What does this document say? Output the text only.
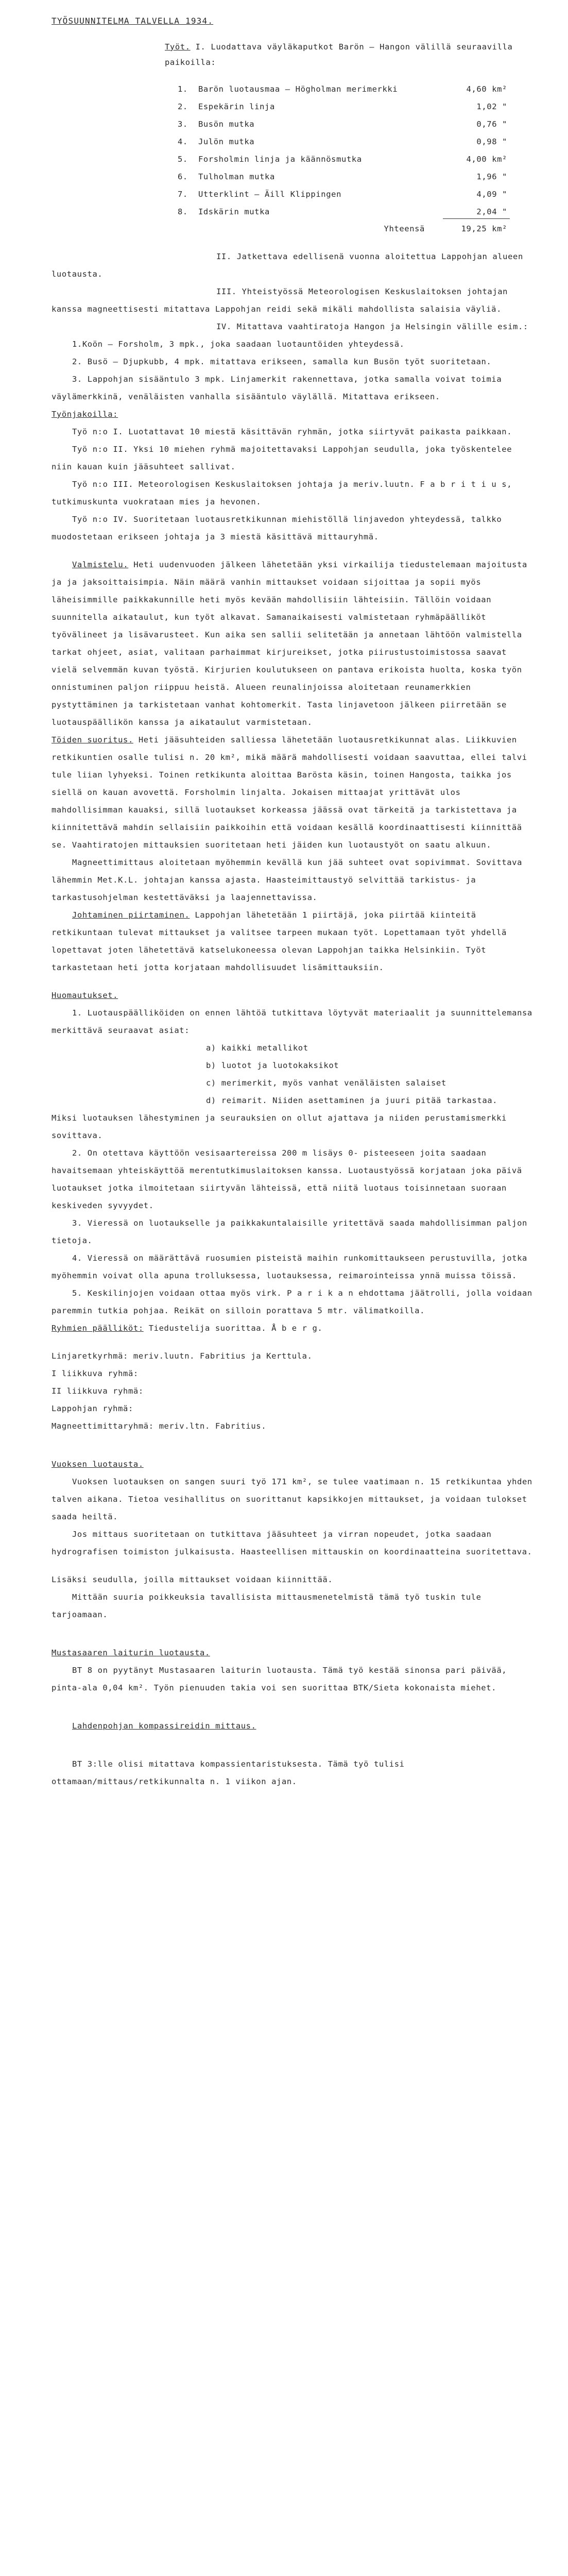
TYÖSUUNNITELMA TALVELLA 1934.

Työt. I. Luodattava väyläkaputkot Barön – Hangon välillä seuraavilla paikoilla:

1. Barön luotausmaa – Högholman merimerkki	4,60 km²
2. Espekärin linja	1,02 "
3. Busön mutka	0,76 "
4. Julön mutka	0,98 "
5. Forsholmin linja ja käännösmutka	4,00 km²
6. Tulholman mutka	1,96 "
7. Utterklint – Äill Klippingen	4,09 "
8. Idskärin mutka	2,04 "
Yhteensä	19,25 km²

II. Jatkettava edellisenä vuonna aloitettua Lappohjan alueen luotausta.

III. Yhteistyössä Meteorologisen Keskuslaitoksen johtajan kanssa magneettisesti mitattava Lappohjan reidi sekä mikäli mahdollista salaisia väyliä.

IV. Mitattava vaahtiratoja Hangon ja Helsingin välille esim.:

1.Koön – Forsholm, 3 mpk., joka saadaan luotauntöiden yhteydessä.

2. Busö – Djupkubb, 4 mpk. mitattava erikseen, samalla kun Busön työt suoritetaan.

3. Lappohjan sisääntulo 3 mpk. Linjamerkit rakennettava, jotka samalla voivat toimia väylämerkkinä, venäläisten vanhalla sisääntulo väylällä. Mitattava erikseen.

Työnjakoilla:

Työ n:o I. Luotattavat 10 miestä käsittävän ryhmän, jotka siirtyvät paikasta paikkaan.

Työ n:o II. Yksi 10 miehen ryhmä majoitettavaksi Lappohjan seudulla, joka työskentelee niin kauan kuin jääsuhteet sallivat.

Työ n:o III. Meteorologisen Keskuslaitoksen johtaja ja meriv.luutn. F a b r i t i u s, tutkimuskunta vuokrataan mies ja hevonen.

Työ n:o IV. Suoritetaan luotausretkikunnan miehistöllä linjavedon yhteydessä, talkko muodostetaan erikseen johtaja ja 3 miestä käsittävä mittauryhmä.

Valmistelu. Heti uudenvuoden jälkeen lähetetään yksi virkailija tiedustelemaan majoitusta ja ja jaksoittaisimpia. Näin määrä vanhin mittaukset voidaan sijoittaa ja sopii myös läheisimmille paikkakunnille heti myös kevään mahdollisiin lähteisiin. Tällöin voidaan suunnitella aikataulut, kun työt alkavat. Samanaikaisesti valmistetaan ryhmäpäälliköt työvälineet ja lisävarusteet. Kun aika sen sallii selitetään ja annetaan lähtöön valmistella tarkat ohjeet, asiat, valitaan parhaimmat kirjureikset, jotka piirustustoimistossa saavat vielä selvemmän kuvan työstä. Kirjurien koulutukseen on pantava erikoista huolta, koska työn onnistuminen paljon riippuu heistä. Alueen reunalinjoissa aloitetaan reunamerkkien pystyttäminen ja tarkistetaan vanhat kohtomerkit. Tasta linjavetoon jälkeen piirretään se luotauspäällikön kanssa ja aikataulut varmistetaan.

Töiden suoritus. Heti jääsuhteiden salliessa lähetetään luotausretkikunnat alas. Liikkuvien retkikuntien osalle tulisi n. 20 km², mikä määrä mahdollisesti voidaan saavuttaa, ellei talvi tule liian lyhyeksi. Toinen retkikunta aloittaa Barösta käsin, toinen Hangosta, taikka jos siellä on kauan avovettä. Forsholmin linjalta. Jokaisen mittaajat yrittävät ulos mahdollisimman kauaksi, sillä luotaukset korkeassa jäässä ovat tärkeitä ja tarkistettava ja kiinnitettävä mahdin sellaisiin paikkoihin että voidaan kesällä koordinaattisesti kiinnittää se. Vaahtiratojen mittauksien suoritetaan heti jäiden kun luotaustyöt on saatu alkuun.

Magneettimittaus aloitetaan myöhemmin kevällä kun jää suhteet ovat sopivimmat. Sovittava lähemmin Met.K.L. johtajan kanssa ajasta. Haasteimittaustyö selvittää tarkistus- ja tarkastusohjelman kestettäväksi ja laajennettavissa.

Johtaminen piirtaminen. Lappohjan lähetetään 1 piirtäjä, joka piirtää kiinteitä retkikuntaan tulevat mittaukset ja valitsee tarpeen mukaan työt. Lopettamaan työt yhdellä lopettavat joten lähetettävä katselukoneessa olevan Lappohjan taikka Helsinkiin. Työt tarkastetaan heti jotta korjataan mahdollisuudet lisämittauksiin.

Huomautukset.

1. Luotauspäälliköiden on ennen lähtöä tutkittava löytyvät materiaalit ja suunnittelemansa merkittävä seuraavat asiat:

a) kaikki metallikot
b) luotot ja luotokaksikot
c) merimerkit, myös vanhat venäläisten salaiset
d) reimarit. Niiden asettaminen ja juuri pitää tarkastaa.

Miksi luotauksen lähestyminen ja seurauksien on ollut ajattava ja niiden perustamismerkki sovittava.

2. On otettava käyttöön vesisaartereissa 200 m lisäys 0- pisteeseen joita saadaan havaitsemaan yhteiskäyttöä merentutkimuslaitoksen kanssa. Luotaustyössä korjataan joka päivä luotaukset jotka ilmoitetaan siirtyvän lähteissä, että niitä luotaus toisinnetaan suoraan keskiveden syvyydet.

3. Vieressä on luotaukselle ja paikkakuntalaisille yritettävä saada mahdollisimman paljon tietoja.

4. Vieressä on määrättävä ruosumien pisteistä maihin runkomittaukseen perustuvilla, jotka myöhemmin voivat olla apuna trolluksessa, luotauksessa, reimarointeissa ynnä muissa töissä.

5. Keskilinjojen voidaan ottaa myös virk. P a r i k a n ehdottama jäätrolli, jolla voidaan paremmin tutkia pohjaa. Reikät on silloin porattava 5 mtr. välimatkoilla.

Ryhmien päälliköt: Tiedustelija suorittaa. Å b e r g.

Linjaretkyrhmä: meriv.luutn. Fabritius ja Kerttula.

I liikkuva ryhmä:

II liikkuva ryhmä:

Lappohjan ryhmä:

Magneettimittaryhmä: meriv.ltn. Fabritius.

Vuoksen luotausta.

Vuoksen luotauksen on sangen suuri työ 171 km², se tulee vaatimaan n. 15 retkikuntaa yhden talven aikana. Tietoa vesihallitus on suorittanut kapsikkojen mittaukset, ja voidaan tulokset saada heiltä.

Jos mittaus suoritetaan on tutkittava jääsuhteet ja virran nopeudet, jotka saadaan hydrografisen toimiston julkaisusta. Haasteellisen mittauskin on koordinaatteina suoritettava.

Lisäksi seudulla, joilla mittaukset voidaan kiinnittää.

Mittään suuria poikkeuksia tavallisista mittausmenetelmistä tämä työ tuskin tule tarjoamaan.

Mustasaaren laiturin luotausta.

BT 8 on pyytänyt Mustasaaren laiturin luotausta. Tämä työ kestää sinonsa pari päivää, pinta-ala 0,04 km². Työn pienuuden takia voi sen suorittaa BTK/Sieta kokonaista miehet.

Lahdenpohjan kompassireidin mittaus.

BT 3:lle olisi mitattava kompassientaristuksesta. Tämä työ tulisi ottamaan/mittaus/retkikunnalta n. 1 viikon ajan.
